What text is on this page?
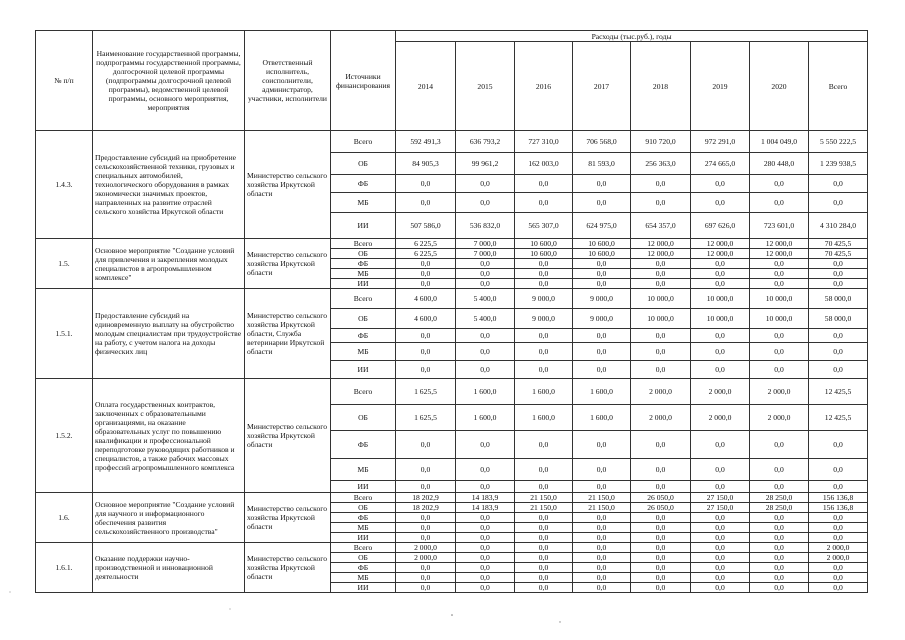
№ п/п	Наименование государственной программы, подпрограммы государственной программы, долгосрочной целевой программы (подпрограммы долгосрочной целевой программы), ведомственной целевой программы, основного мероприятия, мероприятия	Ответственный исполнитель, соисполнители, администратор, участники, исполнители	Источники финансирования	Расходы (тыс.руб.), годы							
				2014	2015	2016	2017	2018	2019	2020	Всего
1.4.3.	Предоставление субсидий на приобретение сельскохозяйственной техники, грузовых и специальных автомобилей, технологического оборудования в рамках экономически значимых проектов, направленных на развитие отраслей сельского хозяйства Иркутской области	Министерство сельского хозяйства Иркутской области	Всего	592 491,3	636 793,2	727 310,0	706 568,0	910 720,0	972 291,0	1 004 049,0	5 550 222,5
			ОБ	84 905,3	99 961,2	162 003,0	81 593,0	256 363,0	274 665,0	280 448,0	1 239 938,5
			ФБ	0,0	0,0	0,0	0,0	0,0	0,0	0,0	0,0
			МБ	0,0	0,0	0,0	0,0	0,0	0,0	0,0	0,0
			ИИ	507 586,0	536 832,0	565 307,0	624 975,0	654 357,0	697 626,0	723 601,0	4 310 284,0
1.5.	Основное мероприятие "Создание условий для привлечения и закрепления молодых специалистов в агропромышленном комплексе"	Министерство сельского хозяйства Иркутской области	Всего	6 225,5	7 000,0	10 600,0	10 600,0	12 000,0	12 000,0	12 000,0	70 425,5
			ОБ	6 225,5	7 000,0	10 600,0	10 600,0	12 000,0	12 000,0	12 000,0	70 425,5
			ФБ	0,0	0,0	0,0	0,0	0,0	0,0	0,0	0,0
			МБ	0,0	0,0	0,0	0,0	0,0	0,0	0,0	0,0
			ИИ	0,0	0,0	0,0	0,0	0,0	0,0	0,0	0,0
1.5.1.	Предоставление субсидий на единовременную выплату на обустройство молодым специалистам при трудоустройстве на работу, с учетом налога на доходы физических лиц	Министерство сельского хозяйства Иркутской области, Служба ветеринарии Иркутской области	Всего	4 600,0	5 400,0	9 000,0	9 000,0	10 000,0	10 000,0	10 000,0	58 000,0
			ОБ	4 600,0	5 400,0	9 000,0	9 000,0	10 000,0	10 000,0	10 000,0	58 000,0
			ФБ	0,0	0,0	0,0	0,0	0,0	0,0	0,0	0,0
			МБ	0,0	0,0	0,0	0,0	0,0	0,0	0,0	0,0
			ИИ	0,0	0,0	0,0	0,0	0,0	0,0	0,0	0,0
1.5.2.	Оплата государственных контрактов, заключенных с образовательными организациями, на оказание образовательных услуг по повышению квалификации и профессиональной переподготовке руководящих работников и специалистов, а также рабочих массовых профессий агропромышленного комплекса	Министерство сельского хозяйства Иркутской области	Всего	1 625,5	1 600,0	1 600,0	1 600,0	2 000,0	2 000,0	2 000,0	12 425,5
			ОБ	1 625,5	1 600,0	1 600,0	1 600,0	2 000,0	2 000,0	2 000,0	12 425,5
			ФБ	0,0	0,0	0,0	0,0	0,0	0,0	0,0	0,0
			МБ	0,0	0,0	0,0	0,0	0,0	0,0	0,0	0,0
			ИИ	0,0	0,0	0,0	0,0	0,0	0,0	0,0	0,0
1.6.	Основное мероприятие "Создание условий для научного и информационного обеспечения развития сельскохозяйственного производства"	Министерство сельского хозяйства Иркутской области	Всего	18 202,9	14 183,9	21 150,0	21 150,0	26 050,0	27 150,0	28 250,0	156 136,8
			ОБ	18 202,9	14 183,9	21 150,0	21 150,0	26 050,0	27 150,0	28 250,0	156 136,8
			ФБ	0,0	0,0	0,0	0,0	0,0	0,0	0,0	0,0
			МБ	0,0	0,0	0,0	0,0	0,0	0,0	0,0	0,0
			ИИ	0,0	0,0	0,0	0,0	0,0	0,0	0,0	0,0
1.6.1.	Оказание поддержки научно-производственной и инновационной деятельности	Министерство сельского хозяйства Иркутской области	Всего	2 000,0	0,0	0,0	0,0	0,0	0,0	0,0	2 000,0
			ОБ	2 000,0	0,0	0,0	0,0	0,0	0,0	0,0	2 000,0
			ФБ	0,0	0,0	0,0	0,0	0,0	0,0	0,0	0,0
			МБ	0,0	0,0	0,0	0,0	0,0	0,0	0,0	0,0
			ИИ	0,0	0,0	0,0	0,0	0,0	0,0	0,0	0,0
